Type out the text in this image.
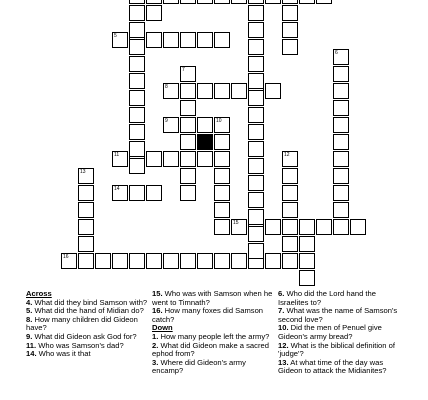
5
8
9	10
11
14
15
16
6
7
12
13
Across
4. What did they bind Samson with?
5. What did the hand of Midian do?
8. How many children did Gideon have?
9. What did Gideon ask God for?
11. Who was Samson's dad?
14. Who was it that
15. Who was with Samson when he went to Timnath?
16. How many foxes did Samson catch?
Down
1. How many people left the army?
2. What did Gideon make a sacred ephod from?
3. Where did Gideon's army encamp?
6. Who did the Lord hand the Israelites to?
7. What was the name of Samson's second love?
10. Did the men of Penuel give Gideon's army bread?
12. What is the biblical definition of 'judge'?
13. At what time of the day was Gideon to attack the Midianites?
